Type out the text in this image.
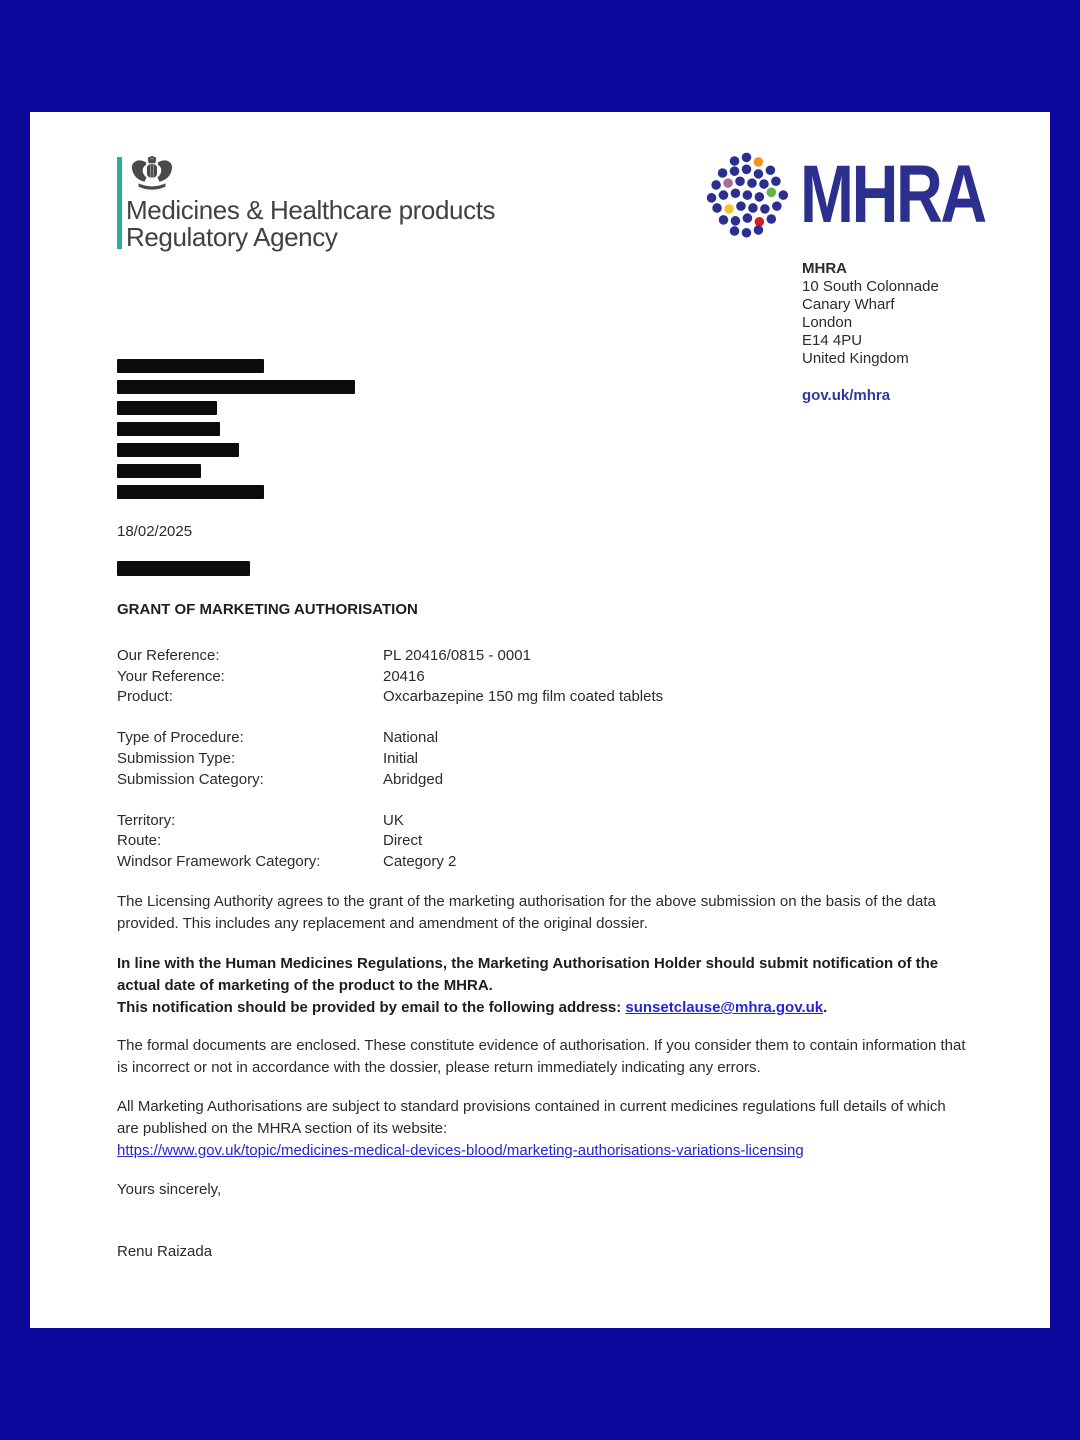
Medicines & Healthcare products
Regulatory Agency	MHRA
MHRA
10 South Colonnade
Canary Wharf
London
E14 4PU
United Kingdom
gov.uk/mhra
18/02/2025
GRANT OF MARKETING AUTHORISATION
Our Reference:	PL 20416/0815 - 0001
Your Reference:	20416
Product:	Oxcarbazepine 150 mg film coated tablets
Type of Procedure:	National
Submission Type:	Initial
Submission Category:	Abridged
Territory:	UK
Route:	Direct
Windsor Framework Category:	Category 2
The Licensing Authority agrees to the grant of the marketing authorisation for the above submission on the basis of the data provided. This includes any replacement and amendment of the original dossier.
In line with the Human Medicines Regulations, the Marketing Authorisation Holder should submit notification of the actual date of marketing of the product to the MHRA.
This notification should be provided by email to the following address: sunsetclause@mhra.gov.uk.
The formal documents are enclosed. These constitute evidence of authorisation. If you consider them to contain information that is incorrect or not in accordance with the dossier, please return immediately indicating any errors.
All Marketing Authorisations are subject to standard provisions contained in current medicines regulations full details of which are published on the MHRA section of its website:
https://www.gov.uk/topic/medicines-medical-devices-blood/marketing-authorisations-variations-licensing
Yours sincerely,
Renu Raizada
